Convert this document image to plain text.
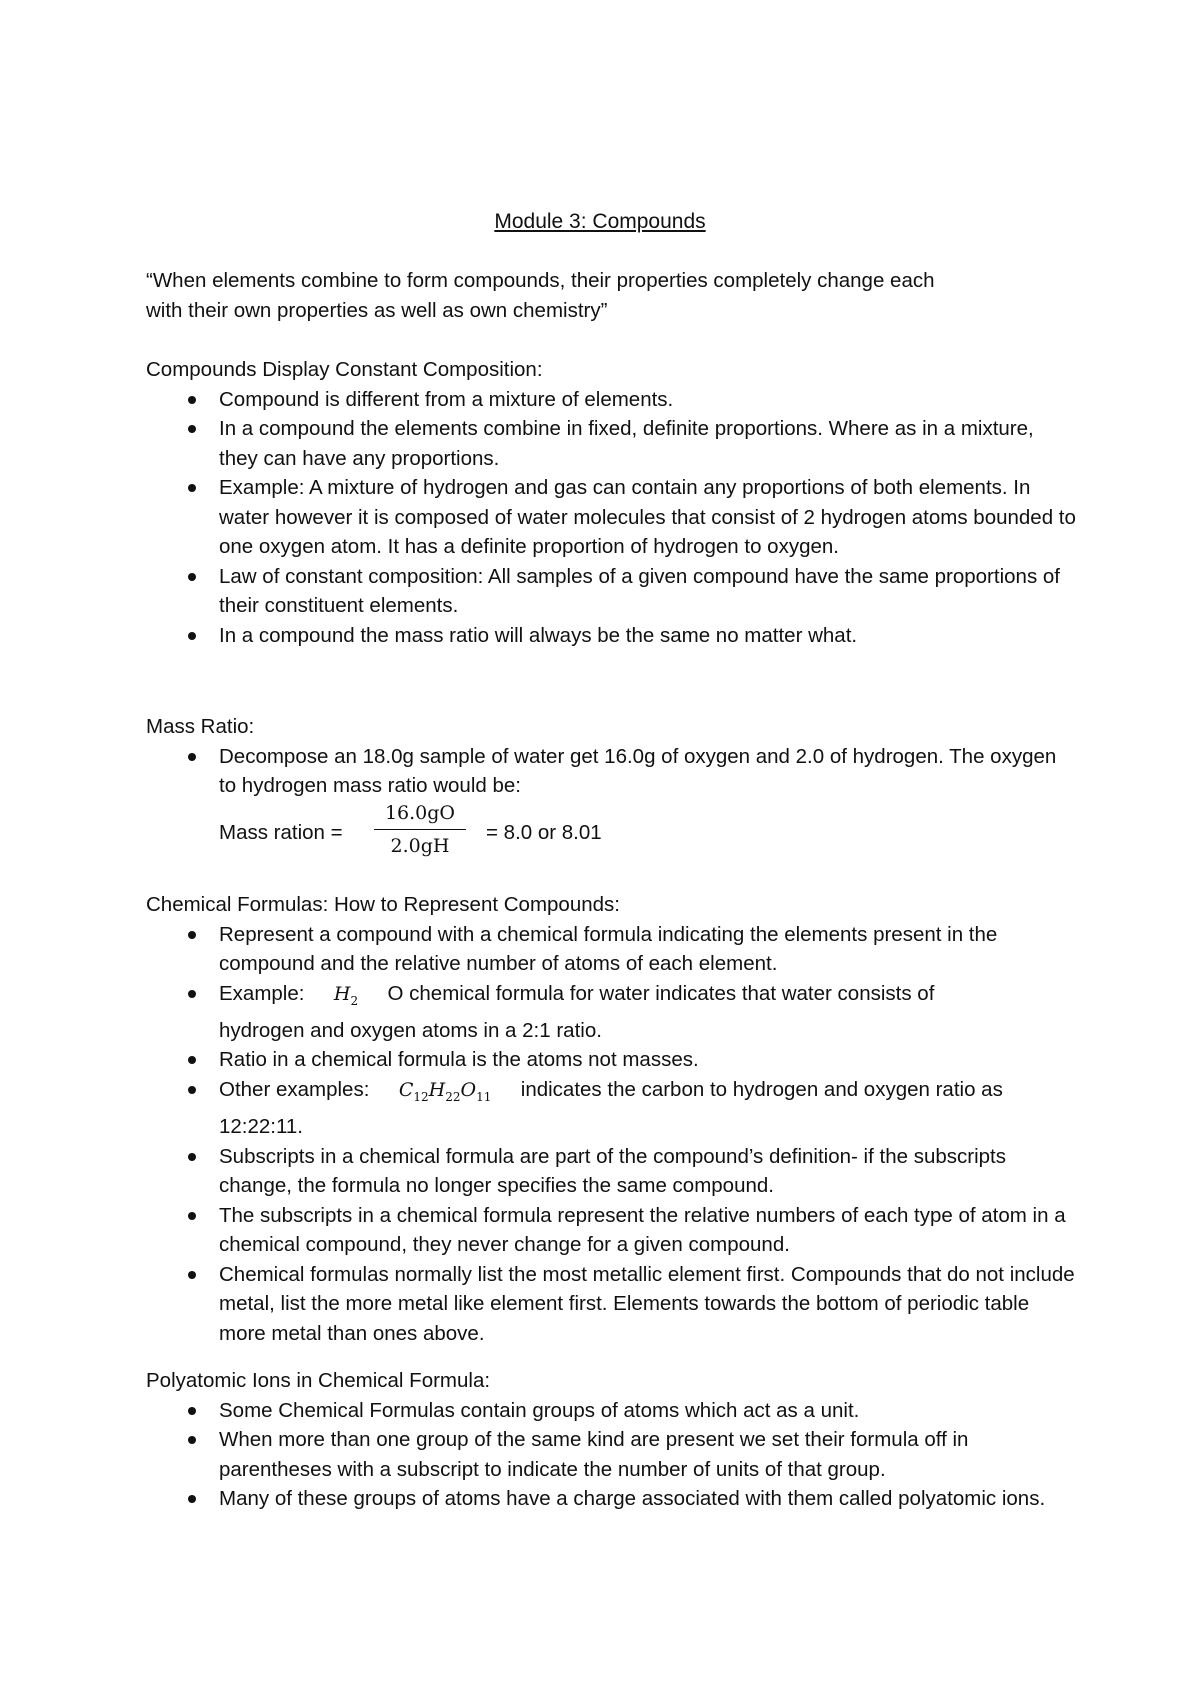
Module 3: Compounds
“When elements combine to form compounds, their properties completely change each
with their own properties as well as own chemistry”
Compounds Display Constant Composition:
Compound is different from a mixture of elements.
In a compound the elements combine in fixed, definite proportions. Where as in a mixture, they can have any proportions.
Example: A mixture of hydrogen and gas can contain any proportions of both elements. In water however it is composed of water molecules that consist of 2 hydrogen atoms bounded to one oxygen atom. It has a definite proportion of hydrogen to oxygen.
Law of constant composition: All samples of a given compound have the same proportions of their constituent elements.
In a compound the mass ratio will always be the same no matter what.
Mass Ratio:
Decompose an 18.0g sample of water get 16.0g of oxygen and 2.0 of hydrogen. The oxygen to hydrogen mass ratio would be:
Mass ration = $\frac{16.0gO}{2.0gH} = 8.0$ or 8.01
Chemical Formulas: How to Represent Compounds:
Represent a compound with a chemical formula indicating the elements present in the compound and the relative number of atoms of each element.
Example: $H_2$ O chemical formula for water indicates that water consists of
hydrogen and oxygen atoms in a 2:1 ratio.
Ratio in a chemical formula is the atoms not masses.
Other examples: $C_{12}H_{22}O_{11}$ indicates the carbon to hydrogen and oxygen ratio as
12:22:11.
Subscripts in a chemical formula are part of the compound’s definition- if the subscripts change, the formula no longer specifies the same compound.
The subscripts in a chemical formula represent the relative numbers of each type of atom in a chemical compound, they never change for a given compound.
Chemical formulas normally list the most metallic element first. Compounds that do not include metal, list the more metal like element first. Elements towards the bottom of periodic table more metal than ones above.
Polyatomic Ions in Chemical Formula:
Some Chemical Formulas contain groups of atoms which act as a unit.
When more than one group of the same kind are present we set their formula off in parentheses with a subscript to indicate the number of units of that group.
Many of these groups of atoms have a charge associated with them called polyatomic ions.
